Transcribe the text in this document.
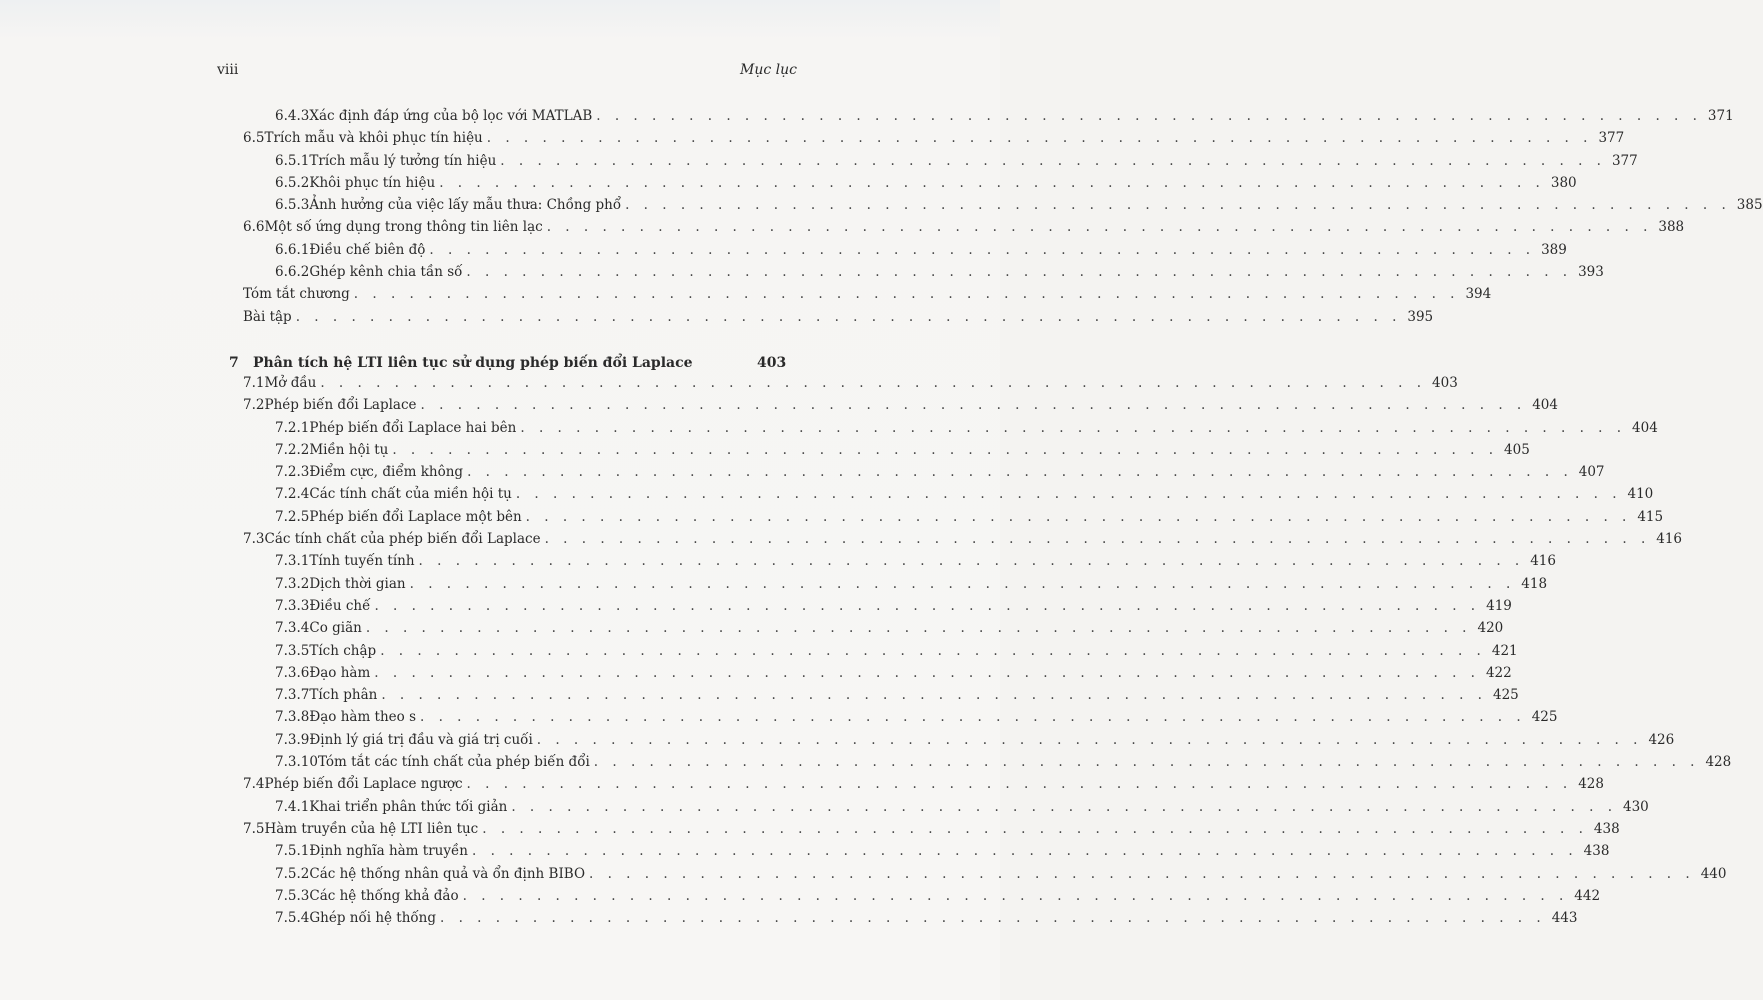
viii	Mục lục
6.4.3 Xác định đáp ứng của bộ lọc với MATLAB . . . . . . . . . . . . . . . . . . . . . . . . . . . . . . . . . . . . . . . . . . . . . . . . . . . . . . . . . . . . 371
6.5 Trích mẫu và khôi phục tín hiệu . . . . . . . . . . . . . . . . . . . . . . . . . . . . . . . . . . . . . . . . . . . . . . . . . . . . . . . . . . . . 377
6.5.1 Trích mẫu lý tưởng tín hiệu . . . . . . . . . . . . . . . . . . . . . . . . . . . . . . . . . . . . . . . . . . . . . . . . . . . . . . . . . . . . 377
6.5.2 Khôi phục tín hiệu . . . . . . . . . . . . . . . . . . . . . . . . . . . . . . . . . . . . . . . . . . . . . . . . . . . . . . . . . . . . 380
6.5.3 Ảnh hưởng của việc lấy mẫu thưa: Chồng phổ . . . . . . . . . . . . . . . . . . . . . . . . . . . . . . . . . . . . . . . . . . . . . . . . . . . . . . . . . . . . 385
6.6 Một số ứng dụng trong thông tin liên lạc . . . . . . . . . . . . . . . . . . . . . . . . . . . . . . . . . . . . . . . . . . . . . . . . . . . . . . . . . . . . 388
6.6.1 Điều chế biên độ . . . . . . . . . . . . . . . . . . . . . . . . . . . . . . . . . . . . . . . . . . . . . . . . . . . . . . . . . . . . 389
6.6.2 Ghép kênh chia tần số . . . . . . . . . . . . . . . . . . . . . . . . . . . . . . . . . . . . . . . . . . . . . . . . . . . . . . . . . . . . 393
Tóm tắt chương . . . . . . . . . . . . . . . . . . . . . . . . . . . . . . . . . . . . . . . . . . . . . . . . . . . . . . . . . . . . 394
Bài tập . . . . . . . . . . . . . . . . . . . . . . . . . . . . . . . . . . . . . . . . . . . . . . . . . . . . . . . . . . . . 395
7	Phân tích hệ LTI liên tục sử dụng phép biến đổi Laplace	403
7.1 Mở đầu . . . . . . . . . . . . . . . . . . . . . . . . . . . . . . . . . . . . . . . . . . . . . . . . . . . . . . . . . . . . 403
7.2 Phép biến đổi Laplace . . . . . . . . . . . . . . . . . . . . . . . . . . . . . . . . . . . . . . . . . . . . . . . . . . . . . . . . . . . . 404
7.2.1 Phép biến đổi Laplace hai bên . . . . . . . . . . . . . . . . . . . . . . . . . . . . . . . . . . . . . . . . . . . . . . . . . . . . . . . . . . . . 404
7.2.2 Miền hội tụ . . . . . . . . . . . . . . . . . . . . . . . . . . . . . . . . . . . . . . . . . . . . . . . . . . . . . . . . . . . . 405
7.2.3 Điểm cực, điểm không . . . . . . . . . . . . . . . . . . . . . . . . . . . . . . . . . . . . . . . . . . . . . . . . . . . . . . . . . . . . 407
7.2.4 Các tính chất của miền hội tụ . . . . . . . . . . . . . . . . . . . . . . . . . . . . . . . . . . . . . . . . . . . . . . . . . . . . . . . . . . . . 410
7.2.5 Phép biến đổi Laplace một bên . . . . . . . . . . . . . . . . . . . . . . . . . . . . . . . . . . . . . . . . . . . . . . . . . . . . . . . . . . . . 415
7.3 Các tính chất của phép biến đổi Laplace . . . . . . . . . . . . . . . . . . . . . . . . . . . . . . . . . . . . . . . . . . . . . . . . . . . . . . . . . . . . 416
7.3.1 Tính tuyến tính . . . . . . . . . . . . . . . . . . . . . . . . . . . . . . . . . . . . . . . . . . . . . . . . . . . . . . . . . . . . 416
7.3.2 Dịch thời gian . . . . . . . . . . . . . . . . . . . . . . . . . . . . . . . . . . . . . . . . . . . . . . . . . . . . . . . . . . . . 418
7.3.3 Điều chế . . . . . . . . . . . . . . . . . . . . . . . . . . . . . . . . . . . . . . . . . . . . . . . . . . . . . . . . . . . . 419
7.3.4 Co giãn . . . . . . . . . . . . . . . . . . . . . . . . . . . . . . . . . . . . . . . . . . . . . . . . . . . . . . . . . . . . 420
7.3.5 Tích chập . . . . . . . . . . . . . . . . . . . . . . . . . . . . . . . . . . . . . . . . . . . . . . . . . . . . . . . . . . . . 421
7.3.6 Đạo hàm . . . . . . . . . . . . . . . . . . . . . . . . . . . . . . . . . . . . . . . . . . . . . . . . . . . . . . . . . . . . 422
7.3.7 Tích phân . . . . . . . . . . . . . . . . . . . . . . . . . . . . . . . . . . . . . . . . . . . . . . . . . . . . . . . . . . . . 425
7.3.8 Đạo hàm theo s . . . . . . . . . . . . . . . . . . . . . . . . . . . . . . . . . . . . . . . . . . . . . . . . . . . . . . . . . . . . 425
7.3.9 Định lý giá trị đầu và giá trị cuối . . . . . . . . . . . . . . . . . . . . . . . . . . . . . . . . . . . . . . . . . . . . . . . . . . . . . . . . . . . . 426
7.3.10 Tóm tắt các tính chất của phép biến đổi . . . . . . . . . . . . . . . . . . . . . . . . . . . . . . . . . . . . . . . . . . . . . . . . . . . . . . . . . . . . 428
7.4 Phép biến đổi Laplace ngược . . . . . . . . . . . . . . . . . . . . . . . . . . . . . . . . . . . . . . . . . . . . . . . . . . . . . . . . . . . . 428
7.4.1 Khai triển phân thức tối giản . . . . . . . . . . . . . . . . . . . . . . . . . . . . . . . . . . . . . . . . . . . . . . . . . . . . . . . . . . . . 430
7.5 Hàm truyền của hệ LTI liên tục . . . . . . . . . . . . . . . . . . . . . . . . . . . . . . . . . . . . . . . . . . . . . . . . . . . . . . . . . . . . 438
7.5.1 Định nghĩa hàm truyền . . . . . . . . . . . . . . . . . . . . . . . . . . . . . . . . . . . . . . . . . . . . . . . . . . . . . . . . . . . . 438
7.5.2 Các hệ thống nhân quả và ổn định BIBO . . . . . . . . . . . . . . . . . . . . . . . . . . . . . . . . . . . . . . . . . . . . . . . . . . . . . . . . . . . . 440
7.5.3 Các hệ thống khả đảo . . . . . . . . . . . . . . . . . . . . . . . . . . . . . . . . . . . . . . . . . . . . . . . . . . . . . . . . . . . . 442
7.5.4 Ghép nối hệ thống . . . . . . . . . . . . . . . . . . . . . . . . . . . . . . . . . . . . . . . . . . . . . . . . . . . . . . . . . . . . 443
